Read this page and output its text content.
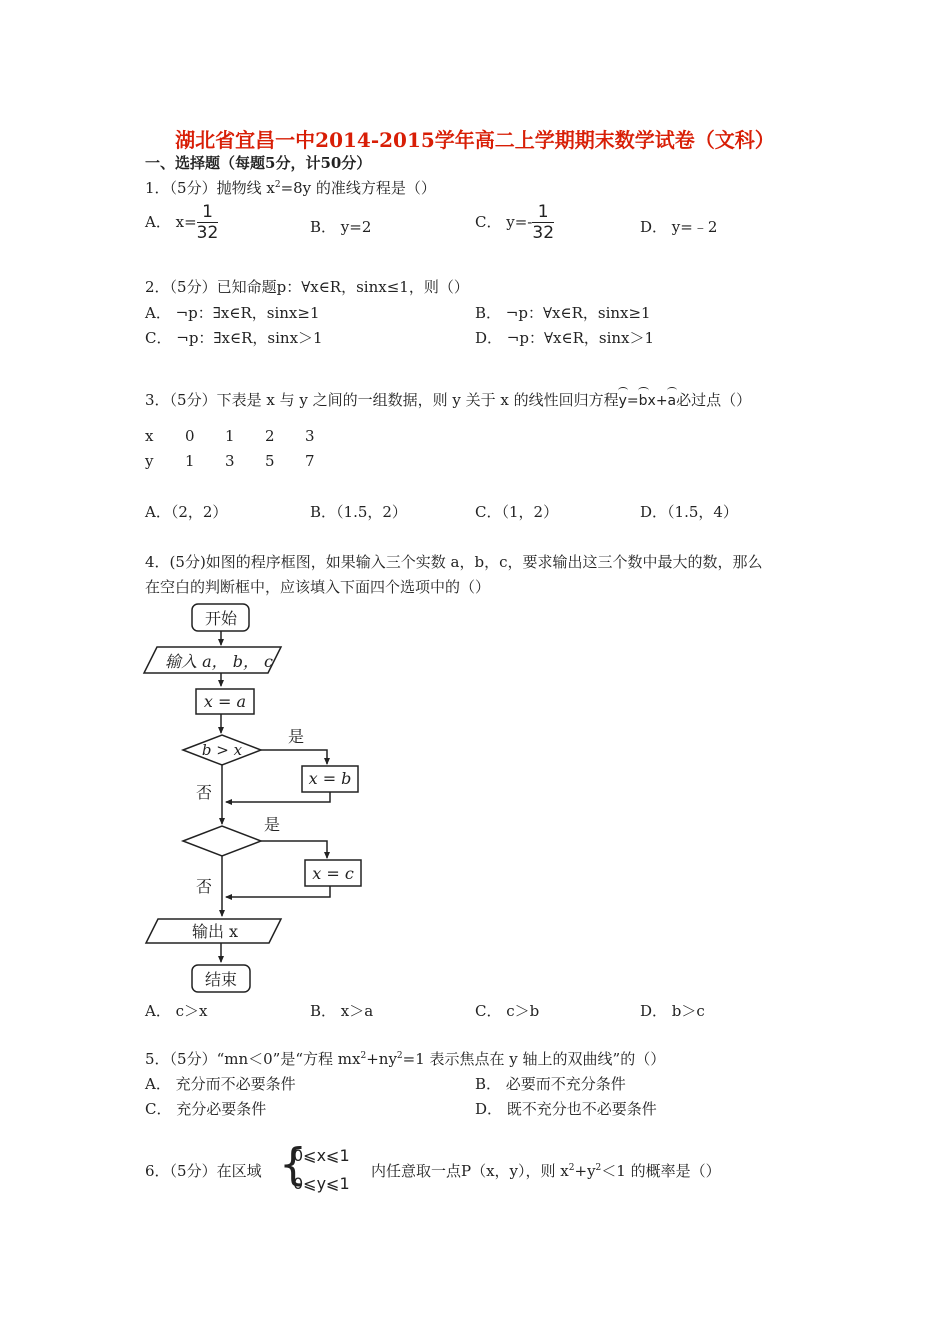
湖北省宜昌一中2014-2015学年高二上学期期末数学试卷（文科）
一、选择题（每题5分，计50分）
1．（5分）抛物线 $x^2=8y$ 的准线方程是（）
A． $x= \frac{1}{32}$	B． y=2	C． $y=- \frac{1}{32}$	D． y=﹣2
2．（5分）已知命题p：∀x∈R，sinx≤1，则（）
A． ¬p：∃x∈R，sinx≥1	B． ¬p：∀x∈R，sinx≥1
C． ¬p：∃x∈R，sinx＞1	D． ¬p：∀x∈R，sinx＞1
3．（5分）下表是 x 与 y 之间的一组数据，则 y 关于 x 的线性回归方程y=bx+a必过点（）
x 0 1 2 3
y 1 3 5 7
A．（2，2）	B．（1.5，2）	C．（1，2）	D．（1.5，4）
4．(5分)如图的程序框图，如果输入三个实数 a，b，c，要求输出这三个数中最大的数，那么
在空白的判断框中，应该填入下面四个选项中的（）
开始
输入 a， b， c
x = a
b > x
是
x = b
否
是
x = c
否
输出 x
结束
A． c＞x	B． x＞a	C． c＞b	D． b＞c
5．（5分）“mn＜0”是“方程 $mx^2+ny^2=1$ 表示焦点在 y 轴上的双曲线”的（）
A． 充分而不必要条件	B． 必要而不充分条件
C． 充分必要条件	D． 既不充分也不必要条件
6．（5分）在区域 {
0⩽x⩽1
0⩽y⩽1
内任意取一点P（x，y），则 $x^2+y^2<1$ 的概率是（）
